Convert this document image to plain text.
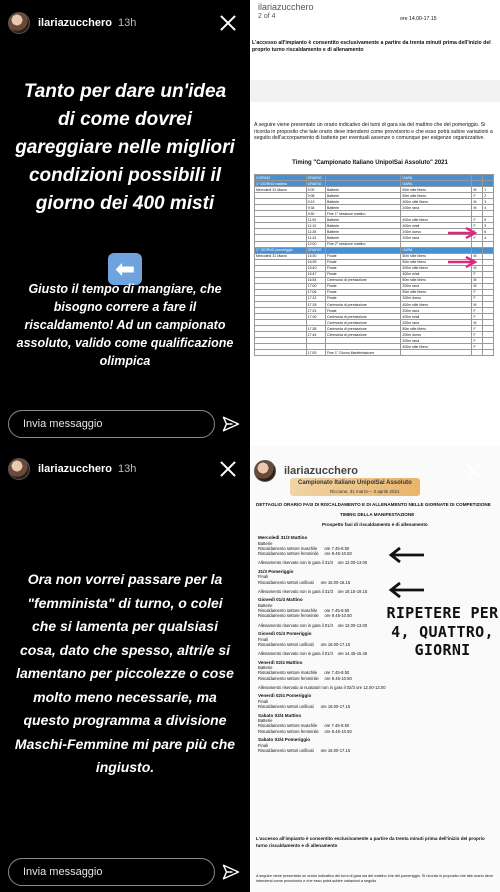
ilariazucchero 13h
Tanto per dare un'idea di come dovrei gareggiare nelle migliori condizioni possibili il giorno dei 400 misti
⬅
Giusto il tempo di mangiare, che bisogno correre a fare il riscaldamento! Ad un campionato assoluto, valido come qualificazione olimpica
Invia messaggio
ilariazucchero
2 of 4	ore 14.00-17.15
L'accesso all'impianto è consentito esclusivamente a partire da trenta minuti prima dell'inizio del proprio turno riscaldamento e di allenamento
A seguire viene presentato un orario indicativo dei turni di gara sia del mattino che del pomeriggio. Si ricorda in proposito che tale orario deve intendersi come provvisorio e che esso potrà subire variazioni a seguito dell'accorpamento di batterie per eventuali assenze o comunque per esigenze organizzative.
Timing "Campionato Italiano UnipolSai Assoluto" 2021
GIORNO	ORARIO		GARA		
1° GIORNO mattina	ORARIO		GARA		
Mercoledì 31 Marzo	9:00	Batterie	50m stile libero	M	1
	9:08	Batterie	50m stile libero	F	2
	9:19	Batterie	400m stile libero	M	3
	9:34	Batterie	200m rana	M	4
	9:50	Fine 1° sessione mattino			
	11:00	Batterie	400m stile libero	F	5
	11:10	Batterie	400m misti	F	3
	11:28	Batterie	200m dorso	F	6
	11:43	Batterie	200m rana	F	4
	12:00	Fine 2° sessione mattino			
1° GIORNO pomeriggio	ORARIO		GARA		
Mercoledì 31 Marzo	16:30	Finale	50m stile libero	M	
	16:35	Finale	50m stile libero	F	
	16:40	Finale	400m stile libero	M	
	16:47	Finale	400m misti	F	
	16:54	Cerimonia di premiazione	50m stile libero	M	
	17:00	Finale	200m rana	M	
	17:06	Finale	50m stile libero	F	
	17:12	Finale	200m dorso	F	
	17:18	Cerimonia di premiazione	400m stile libero	M	
	17:24	Finale	200m rana	F	
	17:30	Cerimonia di premiazione	400m misti	F	
		Cerimonia di premiazione	200m rana	M	
	17:38	Cerimonia di premiazione	50m stile libero	F	
	17:44	Cerimonia di premiazione	200m dorso	F	
			200m rana	F	
			400m stile libero	F	
	17:53	Fine 1° Giorno Manifestazione			
ilariazucchero 13h
Ora non vorrei passare per la "femminista" di turno, o colei che si lamenta per qualsiasi cosa, dato che spesso, altri/e si lamentano per piccolezze o cose molto meno necessarie, ma questo programma a divisione Maschi-Femmine mi pare più che ingiusto.
Invia messaggio
ilariazucchero
Campionato Italiano UnipolSai Assoluto
Riccione, 31 marzo – 3 aprile 2021
DETTAGLIO ORARIO FASI DI RISCALDAMENTO E DI ALLENAMENTO NELLE GIORNATE DI COMPETIZIONE
TIMING DELLA MANIFESTAZIONE
Prospetto fasi di riscaldamento e di allenamento
Mercoledì 31/3 Mattino
Batterie
Riscaldamento settore maschile      ore 7.45-8.50
Riscaldamento settore femminile     ore 9.45-10.50
Allenamento riservato non in gara il 31/3    ore 12.00-13.00
31/3 Pomeriggio
Finali
Riscaldamento settori unificati      ore 15.00-16.15
Allenamento riservato non in gara il 31/3    ore 18.15-19.15
Giovedì 01/4 Mattino
Batterie
Riscaldamento settore maschile      ore 7.45-8.50
Riscaldamento settore femminile     ore 9.45-10.50
Allenamento riservato non in gara il 01/4    ore 12.00-13.00
Giovedì 01/4 Pomeriggio
Finali
Riscaldamento settori unificati      ore 16.00-17.15
Allenamento riservato non in gara il 01/4    ore 14.45-15.45
Venerdì 02/4 Mattino
Batterie
Riscaldamento settore maschile      ore 7.45-8.50
Riscaldamento settore femminile     ore 9.45-10.50
Allenamento riservato ai nuotatori non in gara il 02/3 ore 12.00-13.00
Venerdì 02/4 Pomeriggio
Finali
Riscaldamento settori unificati      ore 16.00-17.15
Sabato 03/4 Mattino
Batterie
Riscaldamento settore maschile      ore 7.45-8.50
Riscaldamento settore femminile     ore 8.45-10.50
Sabato 03/4 Pomeriggio
Finali
Riscaldamento settori unificati      ore 16.00-17.15
RIPETERE PER 4, QUATTRO, GIORNI
L'accesso all'impianto è consentito esclusivamente a partire da trenta minuti prima dell'inizio del proprio turno riscaldamento e di allenamento
A seguire viene presentato un orario indicativo dei turni di gara sia del mattino che del pomeriggio. Si ricorda in proposito che tale orario deve intendersi come provvisorio e che esso potrà subire variazioni a seguito
